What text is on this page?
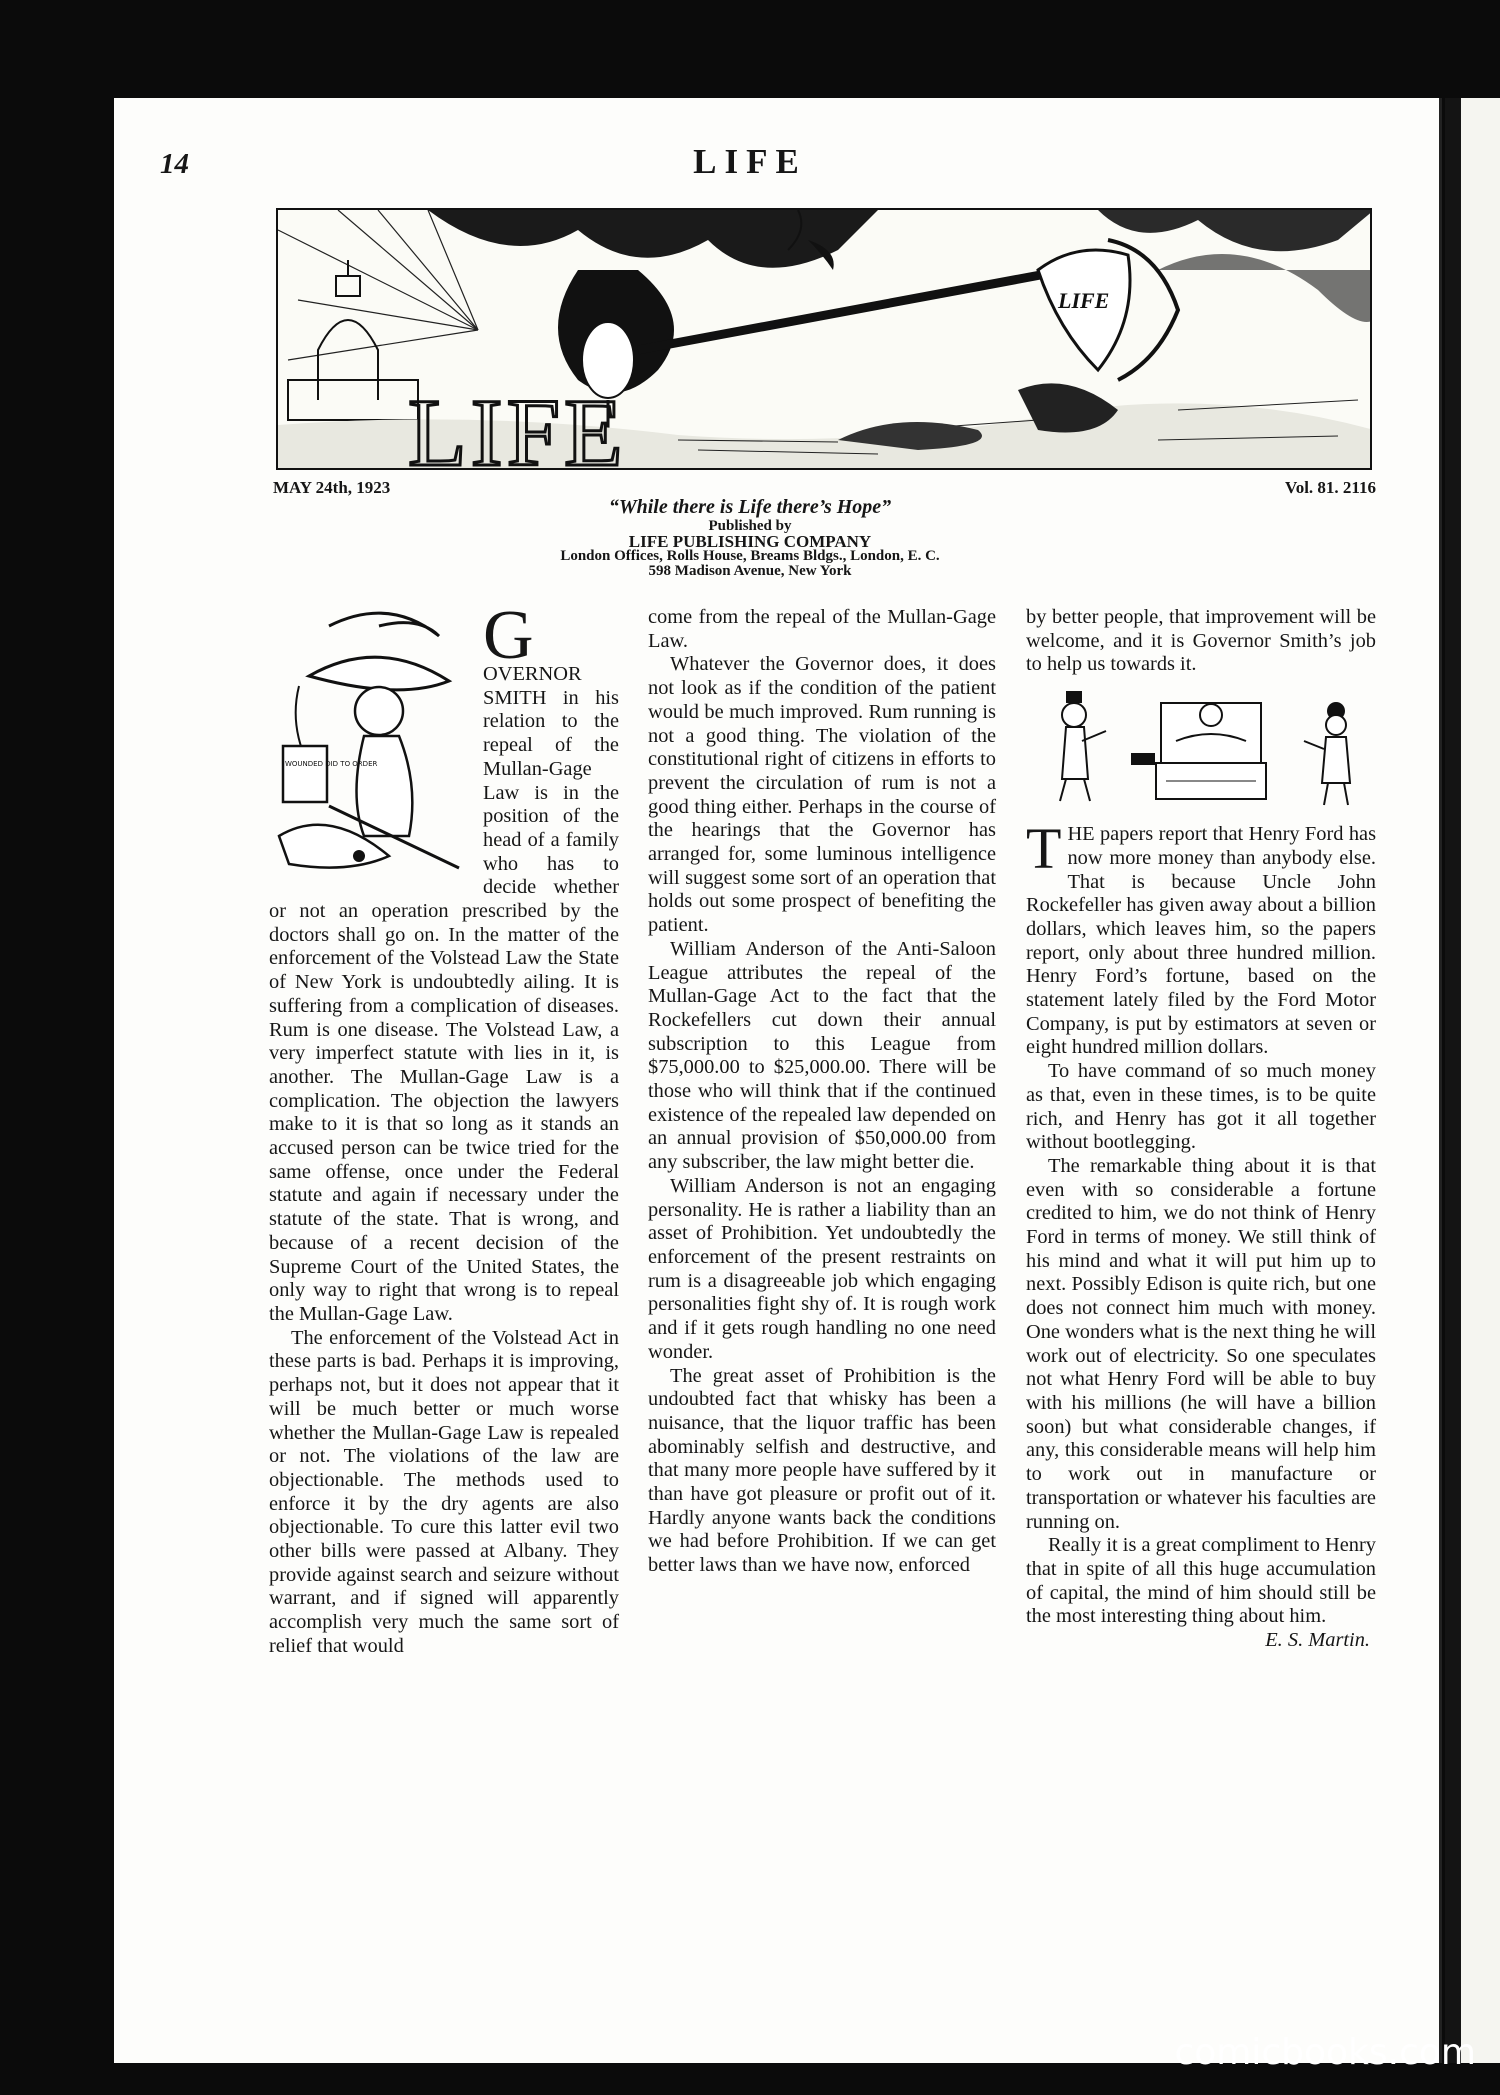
14	LIFE
LIFE
LIFE
MAY 24th, 1923	Vol. 81. 2116
“While there is Life there’s Hope”
Published by
LIFE PUBLISHING COMPANY
London Offices, Rolls House, Breams Bldgs., London, E. C.
598 Madison Avenue, New York
WOUNDED DID TO ORDER
G

OVERNOR SMITH in his relation to the repeal of the Mullan-Gage Law is in the position of the head of a family who has to decide whether or not an operation prescribed by the doctors shall go on. In the matter of the enforcement of the Volstead Law the State of New York is undoubtedly ailing. It is suffering from a complication of diseases. Rum is one disease. The Volstead Law, a very imperfect statute with lies in it, is another. The Mullan-Gage Law is a complication. The objection the lawyers make to it is that so long as it stands an accused person can be twice tried for the same offense, once under the Federal statute and again if necessary under the statute of the state. That is wrong, and because of a recent decision of the Supreme Court of the United States, the only way to right that wrong is to repeal the Mullan-Gage Law.

The enforcement of the Volstead Act in these parts is bad. Perhaps it is improving, perhaps not, but it does not appear that it will be much better or much worse whether the Mullan-Gage Law is repealed or not. The violations of the law are objectionable. The methods used to enforce it by the dry agents are also objectionable. To cure this latter evil two other bills were passed at Albany. They provide against search and seizure without warrant, and if signed will apparently accomplish very much the same sort of relief that would

come from the repeal of the Mullan-Gage Law.

Whatever the Governor does, it does not look as if the condition of the patient would be much improved. Rum running is not a good thing. The violation of the constitutional right of citizens in efforts to prevent the circulation of rum is not a good thing either. Perhaps in the course of the hearings that the Governor has arranged for, some luminous intelligence will suggest some sort of an operation that holds out some prospect of benefiting the patient.

William Anderson of the Anti-Saloon League attributes the repeal of the Mullan-Gage Act to the fact that the Rockefellers cut down their annual subscription to this League from $75,000.00 to $25,000.00. There will be those who will think that if the continued existence of the repealed law depended on an annual provision of $50,000.00 from any subscriber, the law might better die.

William Anderson is not an engaging personality. He is rather a liability than an asset of Prohibition. Yet undoubtedly the enforcement of the present restraints on rum is a disagreeable job which engaging personalities fight shy of. It is rough work and if it gets rough handling no one need wonder.

The great asset of Prohibition is the undoubted fact that whisky has been a nuisance, that the liquor traffic has been abominably selfish and destructive, and that many more people have suffered by it than have got pleasure or profit out of it. Hardly anyone wants back the conditions we had before Prohibition. If we can get better laws than we have now, enforced

by better people, that improvement will be welcome, and it is Governor Smith’s job to help us towards it.

T HE papers report that Henry Ford has now more money than anybody else. That is because Uncle John Rockefeller has given away about a billion dollars, which leaves him, so the papers report, only about three hundred million. Henry Ford’s fortune, based on the statement lately filed by the Ford Motor Company, is put by estimators at seven or eight hundred million dollars.

To have command of so much money as that, even in these times, is to be quite rich, and Henry has got it all together without bootlegging.

The remarkable thing about it is that even with so considerable a fortune credited to him, we do not think of Henry Ford in terms of money. We still think of his mind and what it will put him up to next. Possibly Edison is quite rich, but one does not connect him much with money. One wonders what is the next thing he will work out of electricity. So one speculates not what Henry Ford will be able to buy with his millions (he will have a billion soon) but what considerable changes, if any, this considerable means will help him to work out in manufacture or transportation or whatever his faculties are running on.

Really it is a great compliment to Henry that in spite of all this huge accumulation of capital, the mind of him should still be the most interesting thing about him.

E. S. Martin.

comicbooks.com
